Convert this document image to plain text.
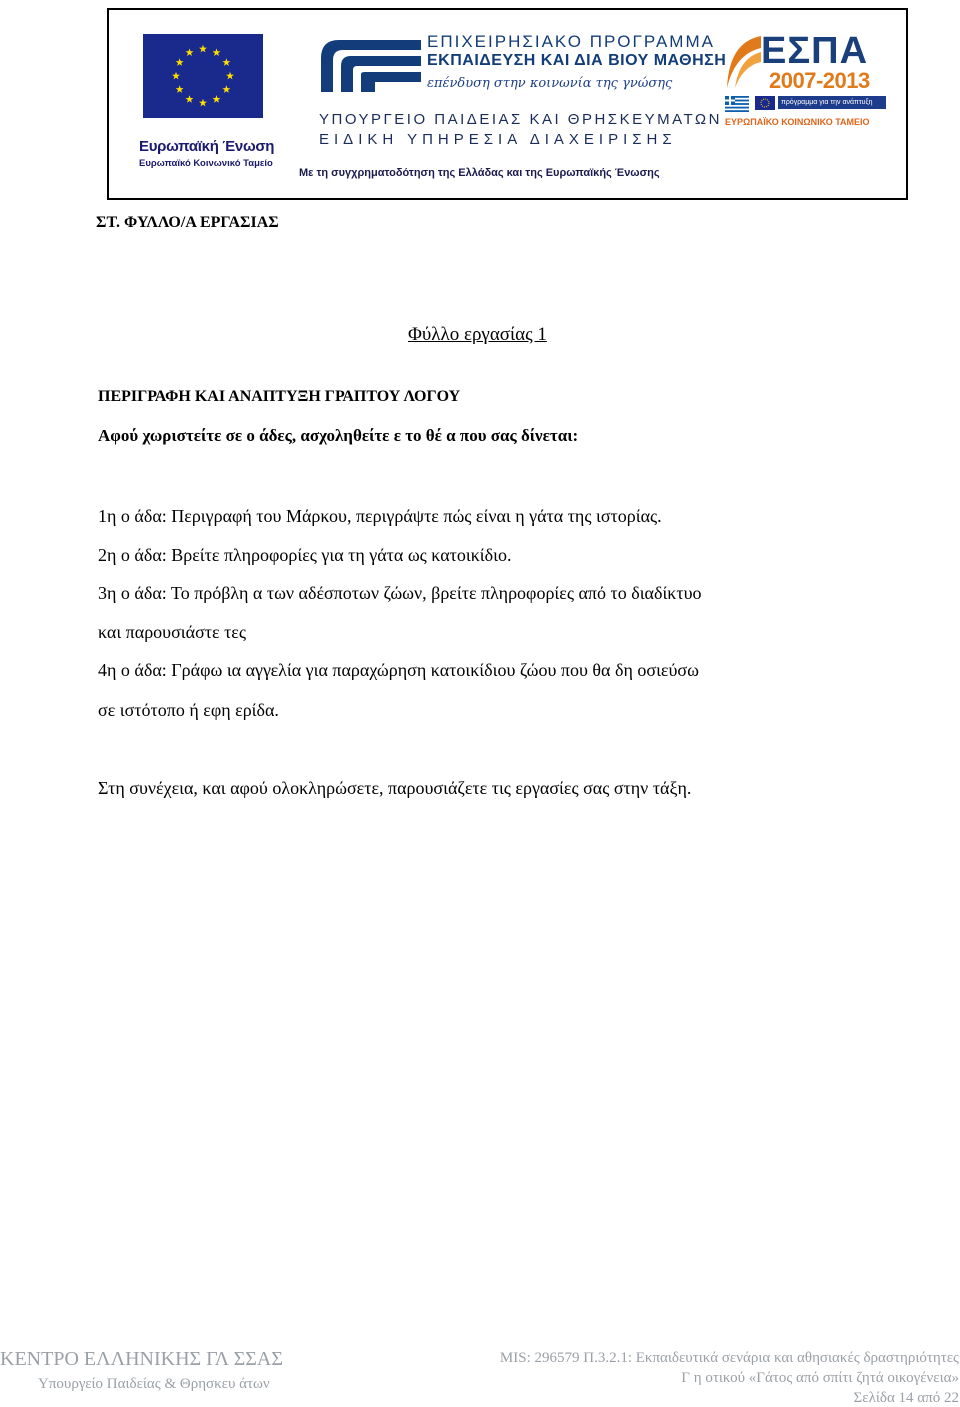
Ευρωπαϊκή Ένωση
Ευρωπαϊκό Κοινωνικό Ταμείο
ΕΠΙΧΕΙΡΗΣΙΑΚΟ ΠΡΟΓΡΑΜΜΑ
ΕΚΠΑΙΔΕΥΣΗ ΚΑΙ ΔΙΑ ΒΙΟΥ ΜΑΘΗΣΗ
επένδυση στην κοινωνία της γνώσης
ΥΠΟΥΡΓΕΙΟ ΠΑΙΔΕΙΑΣ ΚΑΙ ΘΡΗΣΚΕΥΜΑΤΩΝ
ΕΙΔΙΚΗ ΥΠΗΡΕΣΙΑ ΔΙΑΧΕΙΡΙΣΗΣ
Με τη συγχρηματοδότηση της Ελλάδας και της Ευρωπαϊκής Ένωσης
ΕΣΠΑ
2007-2013
πρόγραμμα για την ανάπτυξη
ΕΥΡΩΠΑΪΚΟ ΚΟΙΝΩΝΙΚΟ ΤΑΜΕΙΟ
ΣΤ. ΦΥΛΛΟ/Α ΕΡΓΑΣΙΑΣ
Φύλλο εργασίας 1
ΠΕΡΙΓΡΑΦΗ ΚΑΙ ΑΝΑΠΤΥΞΗ ΓΡΑΠΤΟΥ ΛΟΓΟΥ
Αφού χωριστείτε σε ο άδες, ασχοληθείτε ε το θέ α που σας δίνεται:
1η ο άδα: Περιγραφή του Μάρκου, περιγράψτε πώς είναι η γάτα της ιστορίας.
2η ο άδα: Βρείτε πληροφορίες για τη γάτα ως κατοικίδιο.
3η ο άδα: Το πρόβλη α των αδέσποτων ζώων, βρείτε πληροφορίες από το διαδίκτυο
και παρουσιάστε τες
4η ο άδα: Γράφω ια αγγελία για παραχώρηση κατοικίδιου ζώου που θα δη οσιεύσω
σε ιστότοπο ή εφη ερίδα.
Στη συνέχεια, και αφού ολοκληρώσετε, παρουσιάζετε τις εργασίες σας στην τάξη.
ΚΕΝΤΡΟ ΕΛΛΗΝΙΚΗΣ ΓΛ ΣΣΑΣ
Υπουργείο Παιδείας & Θρησκευ άτων
MIS: 296579 Π.3.2.1: Εκπαιδευτικά σενάρια και αθησιακές δραστηριότητες
Γ η οτικού «Γάτος από σπίτι ζητά οικογένεια»
Σελίδα 14 από 22
